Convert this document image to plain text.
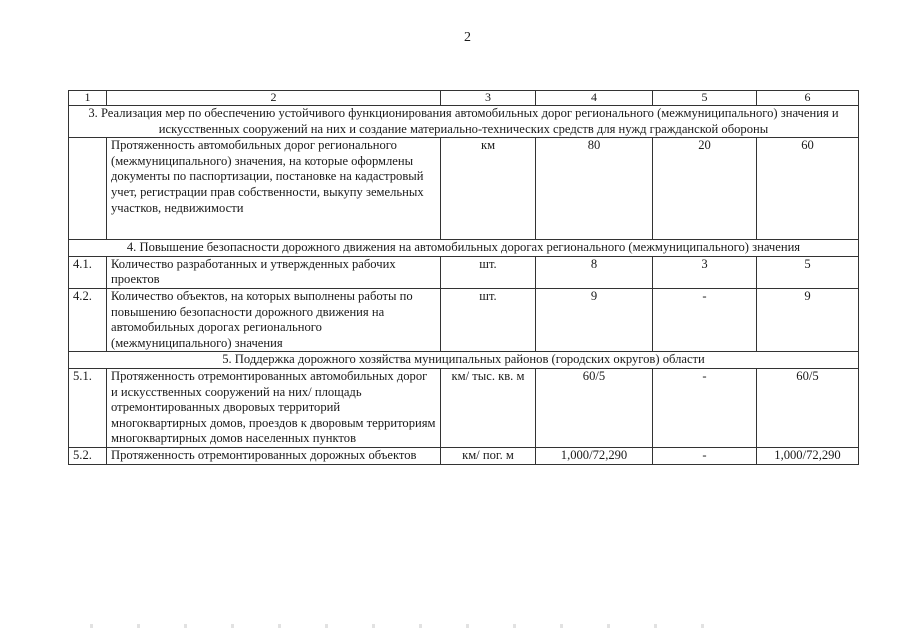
2
1	2	3	4	5	6
3. Реализация мер по обеспечению устойчивого функционирования автомобильных дорог регионального (межмуниципального) значения и искусственных сооружений на них и создание материально-технических средств для нужд гражданской обороны					
	Протяженность автомобильных дорог регионального (межмуниципального) значения, на которые оформлены документы по паспортизации, постановке на кадастровый учет, регистрации прав собственности, выкупу земельных участков, недвижимости	км	80	20	60
4. Повышение безопасности дорожного движения на автомобильных дорогах регионального (межмуниципального) значения					
4.1.	Количество разработанных и утвержденных рабочих проектов	шт.	8	3	5
4.2.	Количество объектов, на которых выполнены работы по повышению безопасности дорожного движения на автомобильных дорогах регионального (межмуниципального) значения	шт.	9	-	9
5. Поддержка дорожного хозяйства муниципальных районов (городских округов) области					
5.1.	Протяженность отремонтированных автомобильных дорог и искусственных сооружений на них/ площадь отремонтированных дворовых территорий многоквартирных домов, проездов к дворовым территориям многоквартирных домов населенных пунктов	км/ тыс. кв. м	60/5	-	60/5
5.2.	Протяженность отремонтированных дорожных объектов	км/ пог. м	1,000/72,290	-	1,000/72,290
